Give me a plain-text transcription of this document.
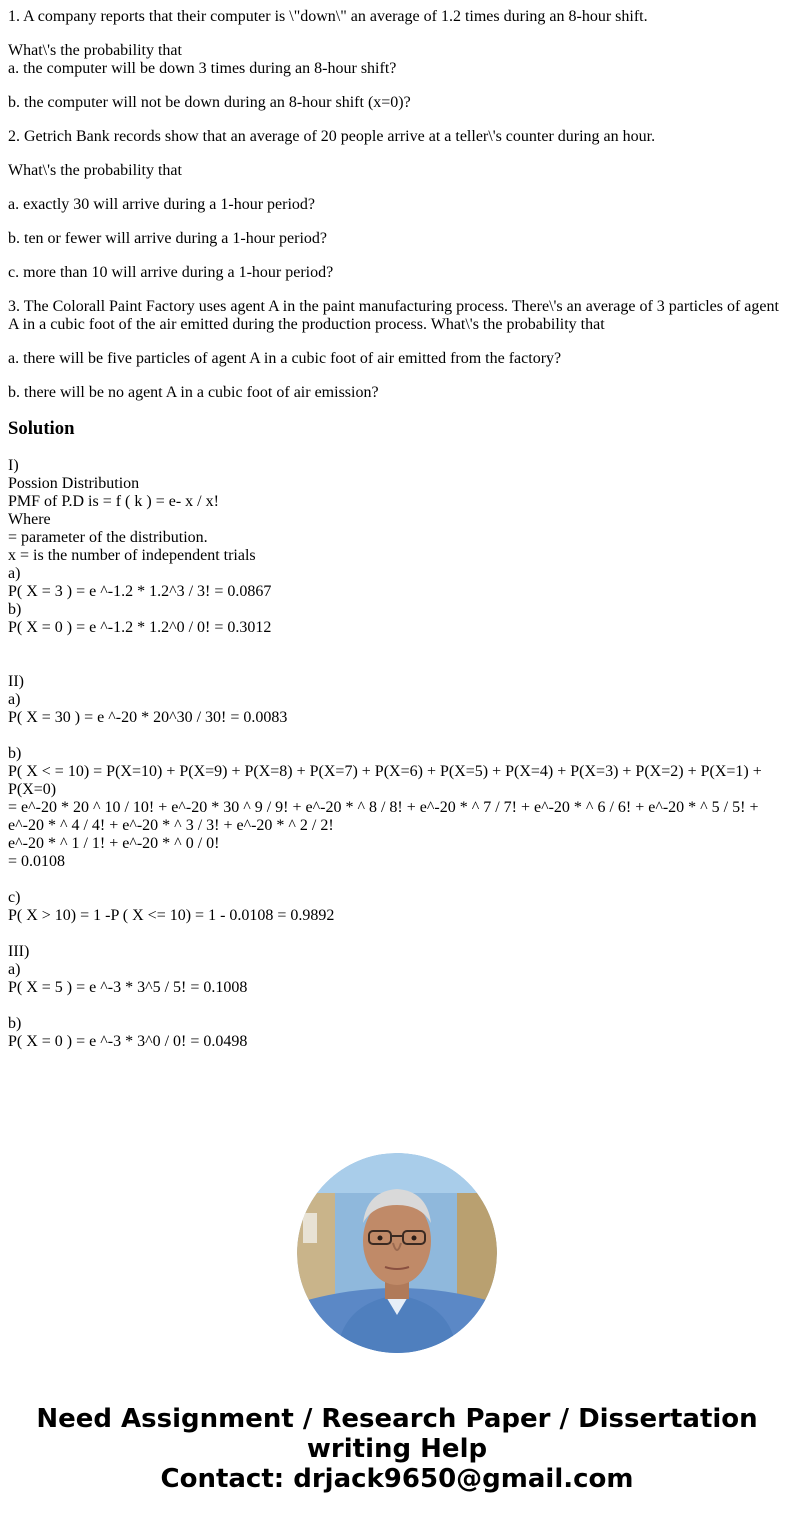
1. A company reports that their computer is \"down\" an average of 1.2 times during an 8-hour shift.
What\'s the probability that
a. the computer will be down 3 times during an 8-hour shift?
b. the computer will not be down during an 8-hour shift (x=0)?
2. Getrich Bank records show that an average of 20 people arrive at a teller\'s counter during an hour.
What\'s the probability that
a. exactly 30 will arrive during a 1-hour period?
b. ten or fewer will arrive during a 1-hour period?
c. more than 10 will arrive during a 1-hour period?
3. The Colorall Paint Factory uses agent A in the paint manufacturing process. There\'s an average of 3 particles of agent A in a cubic foot of the air emitted during the production process. What\'s the probability that
a. there will be five particles of agent A in a cubic foot of air emitted from the factory?
b. there will be no agent A in a cubic foot of air emission?
Solution
I)
Possion Distribution
PMF of P.D is = f ( k ) = e- x / x!
Where
= parameter of the distribution.
x = is the number of independent trials
a)
P( X = 3 ) = e ^-1.2 * 1.2^3 / 3! = 0.0867
b)
P( X = 0 ) = e ^-1.2 * 1.2^0 / 0! = 0.3012
II)
a)
P( X = 30 ) = e ^-20 * 20^30 / 30! = 0.0083
b)
P( X < = 10) = P(X=10) + P(X=9) + P(X=8) + P(X=7) + P(X=6) + P(X=5) + P(X=4) + P(X=3) + P(X=2) + P(X=1) + P(X=0)
= e^-20 * 20 ^ 10 / 10! + e^-20 * 30 ^ 9 / 9! + e^-20 * ^ 8 / 8! + e^-20 * ^ 7 / 7! + e^-20 * ^ 6 / 6! + e^-20 * ^ 5 / 5! + e^-20 * ^ 4 / 4! + e^-20 * ^ 3 / 3! + e^-20 * ^ 2 / 2!
e^-20 * ^ 1 / 1! + e^-20 * ^ 0 / 0!
= 0.0108
c)
P( X > 10) = 1 -P ( X <= 10) = 1 - 0.0108 = 0.9892
III)
a)
P( X = 5 ) = e ^-3 * 3^5 / 5! = 0.1008
b)
P( X = 0 ) = e ^-3 * 3^0 / 0! = 0.0498
Need Assignment / Research Paper / Dissertation
writing Help
Contact: drjack9650@gmail.com
